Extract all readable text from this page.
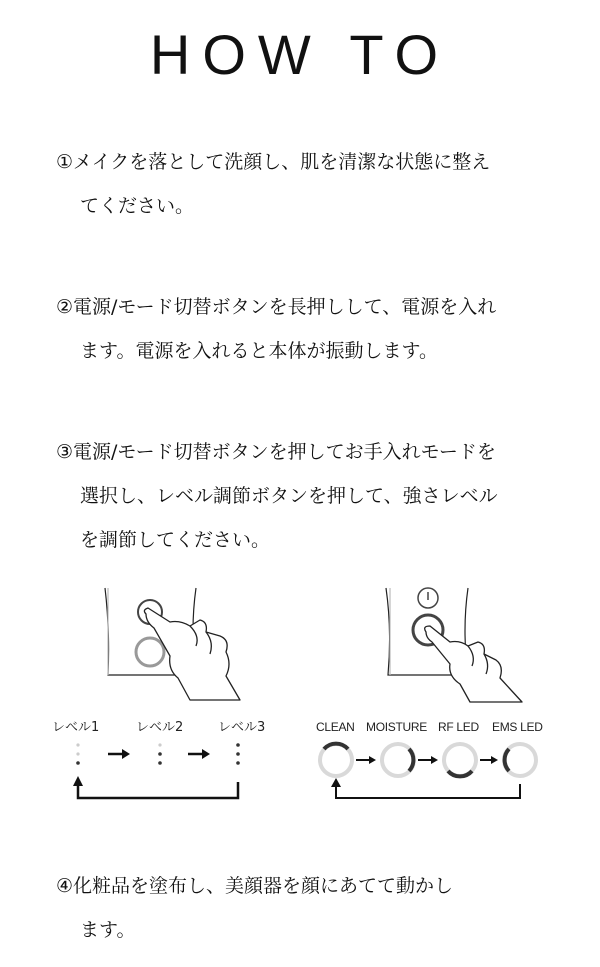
HOW TO
①メイクを落として洗顔し、肌を清潔な状態に整え
てください。
②電源/モード切替ボタンを長押しして、電源を入れ
ます。電源を入れると本体が振動します。
③電源/モード切替ボタンを押してお手入れモードを
選択し、レベル調節ボタンを押して、強さレベル
を調節してください。
レベル1	レベル2	レベル3	CLEAN MOISTURE RF LED EMS LED
④化粧品を塗布し、美顔器を顔にあてて動かし
ます。
